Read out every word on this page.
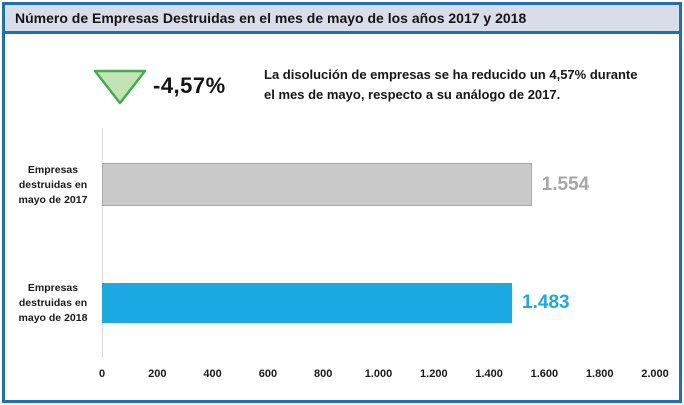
Número de Empresas Destruidas en el mes de mayo de los años 2017 y 2018
-4,57%	La disolución de empresas se ha reducido un 4,57% durante
el mes de mayo, respecto a su análogo de 2017.
Empresas destruidas en mayo de 2017
1.554
Empresas destruidas en mayo de 2018
1.483
0	200	400	600	800	1.000	1.200	1.400	1.600	1.800	2.000
